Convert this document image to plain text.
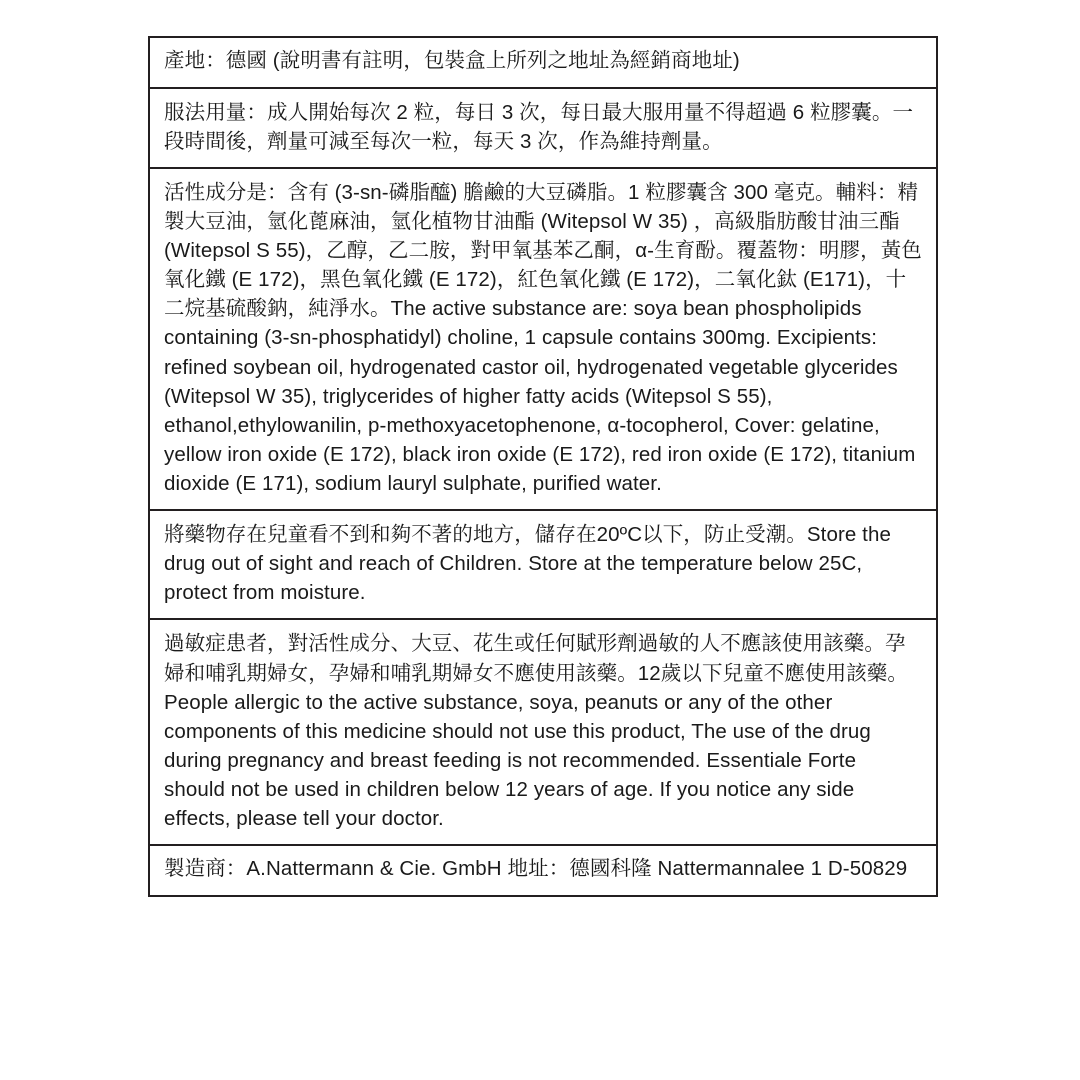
產地：德國 (說明書有註明，包裝盒上所列之地址為經銷商地址)

服法用量：成人開始每次 2 粒，每日 3 次，每日最大服用量不得超過 6 粒膠囊。一段時間後，劑量可減至每次一粒，每天 3 次，作為維持劑量。

活性成分是：含有 (3-sn-磷脂醯) 膽鹼的大豆磷脂。1 粒膠囊含 300 毫克。輔料：精製大豆油，氫化蓖麻油，氫化植物甘油酯 (Witepsol W 35) ，高級脂肪酸甘油三酯 (Witepsol S 55)，乙醇，乙二胺，對甲氧基苯乙酮，α-生育酚。覆蓋物：明膠，黃色氧化鐵 (E 172)，黑色氧化鐵 (E 172)，紅色氧化鐵 (E 172)，二氧化鈦 (E171)，十二烷基硫酸鈉，純淨水。The active substance are: soya bean phospholipids containing (3-sn-phosphatidyl) choline, 1 capsule contains 300mg. Excipients: refined soybean oil, hydrogenated castor oil, hydrogenated vegetable glycerides (Witepsol W 35), triglycerides of higher fatty acids (Witepsol S 55), ethanol,ethylowanilin, p-methoxyacetophenone, α-tocopherol, Cover: gelatine, yellow iron oxide (E 172), black iron oxide (E 172), red iron oxide (E 172), titanium dioxide (E 171), sodium lauryl sulphate, purified water.

將藥物存在兒童看不到和夠不著的地方，儲存在20ºC以下，防止受潮。Store the drug out of sight and reach of Children. Store at the temperature below 25C, protect from moisture.

過敏症患者，對活性成分、大豆、花生或任何賦形劑過敏的人不應該使用該藥。孕婦和哺乳期婦女，孕婦和哺乳期婦女不應使用該藥。12歲以下兒童不應使用該藥。People allergic to the active substance, soya, peanuts or any of the other components of this medicine should not use this product, The use of the drug during pregnancy and breast feeding is not recommended. Essentiale Forte should not be used in children below 12 years of age. If you notice any side effects, please tell your doctor.

製造商：A.Nattermann & Cie. GmbH 地址：德國科隆 Nattermannalee 1 D-50829
